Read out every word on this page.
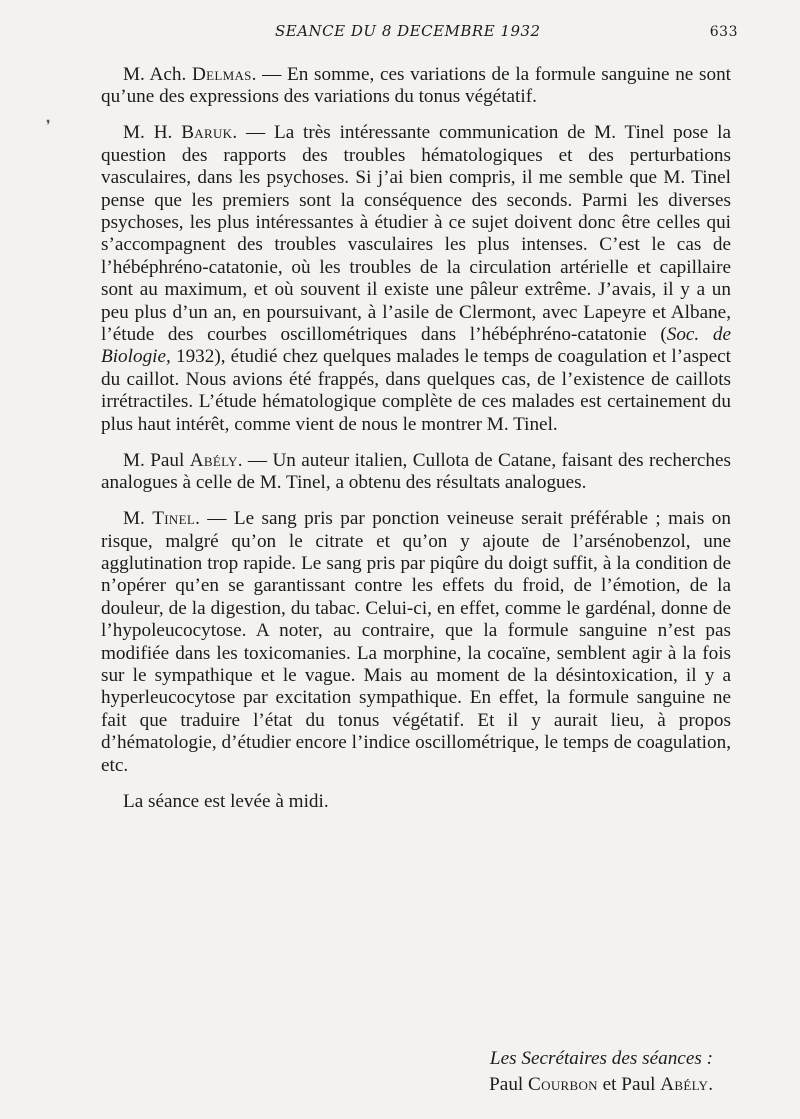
SEANCE DU 8 DECEMBRE 1932	633
❜

M. Ach. Delmas. — En somme, ces variations de la formule sanguine ne sont qu’une des expressions des variations du tonus végétatif.

M. H. Baruk. — La très intéressante communication de M. Tinel pose la question des rapports des troubles hématologiques et des perturbations vasculaires, dans les psychoses. Si j’ai bien compris, il me semble que M. Tinel pense que les premiers sont la conséquence des seconds. Parmi les diverses psychoses, les plus intéressantes à étudier à ce sujet doivent donc être celles qui s’accompagnent des troubles vasculaires les plus intenses. C’est le cas de l’hébéphréno-catatonie, où les troubles de la circulation artérielle et capillaire sont au maximum, et où souvent il existe une pâleur extrême. J’avais, il y a un peu plus d’un an, en poursuivant, à l’asile de Clermont, avec Lapeyre et Albane, l’étude des courbes oscillométriques dans l’hébéphréno-catatonie (Soc. de Biologie, 1932), étudié chez quelques malades le temps de coagulation et l’aspect du caillot. Nous avions été frappés, dans quelques cas, de l’existence de caillots irrétractiles. L’étude hématologique complète de ces malades est certainement du plus haut intérêt, comme vient de nous le montrer M. Tinel.

M. Paul Abély. — Un auteur italien, Cullota de Catane, faisant des recherches analogues à celle de M. Tinel, a obtenu des résultats analogues.

M. Tinel. — Le sang pris par ponction veineuse serait préférable ; mais on risque, malgré qu’on le citrate et qu’on y ajoute de l’arsénobenzol, une agglutination trop rapide. Le sang pris par piqûre du doigt suffit, à la condition de n’opérer qu’en se garantissant contre les effets du froid, de l’émotion, de la douleur, de la digestion, du tabac. Celui-ci, en effet, comme le gardénal, donne de l’hypoleucocytose. A noter, au contraire, que la formule sanguine n’est pas modifiée dans les toxicomanies. La morphine, la cocaïne, semblent agir à la fois sur le sympathique et le vague. Mais au moment de la désintoxication, il y a hyperleucocytose par excitation sympathique. En effet, la formule sanguine ne fait que traduire l’état du tonus végétatif. Et il y aurait lieu, à propos d’hématologie, d’étudier encore l’indice oscillométrique, le temps de coagulation, etc.

La séance est levée à midi.

Les Secrétaires des séances :
Paul Courbon et Paul Abély.
